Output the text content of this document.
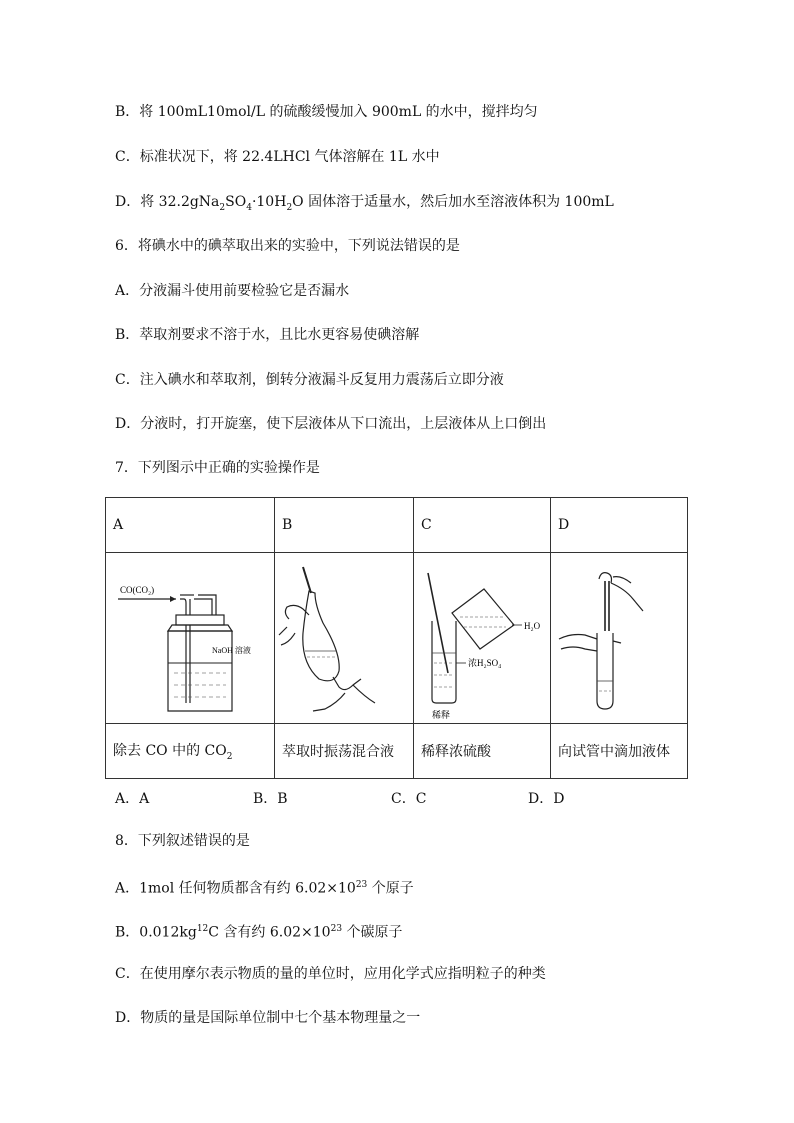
B．将 100mL10mol/L 的硫酸缓慢加入 900mL 的水中，搅拌均匀
C．标准状况下，将 22.4LHCl 气体溶解在 1L 水中
D．将 $32.2gNa_2SO_4\cdot 10H_2O$ 固体溶于适量水，然后加水至溶液体积为 100mL
6．将碘水中的碘萃取出来的实验中，下列说法错误的是
A．分液漏斗使用前要检验它是否漏水
B．萃取剂要求不溶于水，且比水更容易使碘溶解
C．注入碘水和萃取剂，倒转分液漏斗反复用力震荡后立即分液
D．分液时，打开旋塞，使下层液体从下口流出，上层液体从上口倒出
7．下列图示中正确的实验操作是
A	B	C	D

CO(CO₂)
NaOH 溶液		H₂O
浓H₂SO₄
稀释

除去 CO 中的 $CO_2$	萃取时振荡混合液	稀释浓硫酸	向试管中滴加液体
A．A	B．B	C．C	D．D
8．下列叙述错误的是
A．1mol 任何物质都含有约 $6.02\times 10^{23}$ 个原子
B．$0.012kg^{12}C$ 含有约 $6.02\times 10^{23}$ 个碳原子
C．在使用摩尔表示物质的量的单位时，应用化学式应指明粒子的种类
D．物质的量是国际单位制中七个基本物理量之一
